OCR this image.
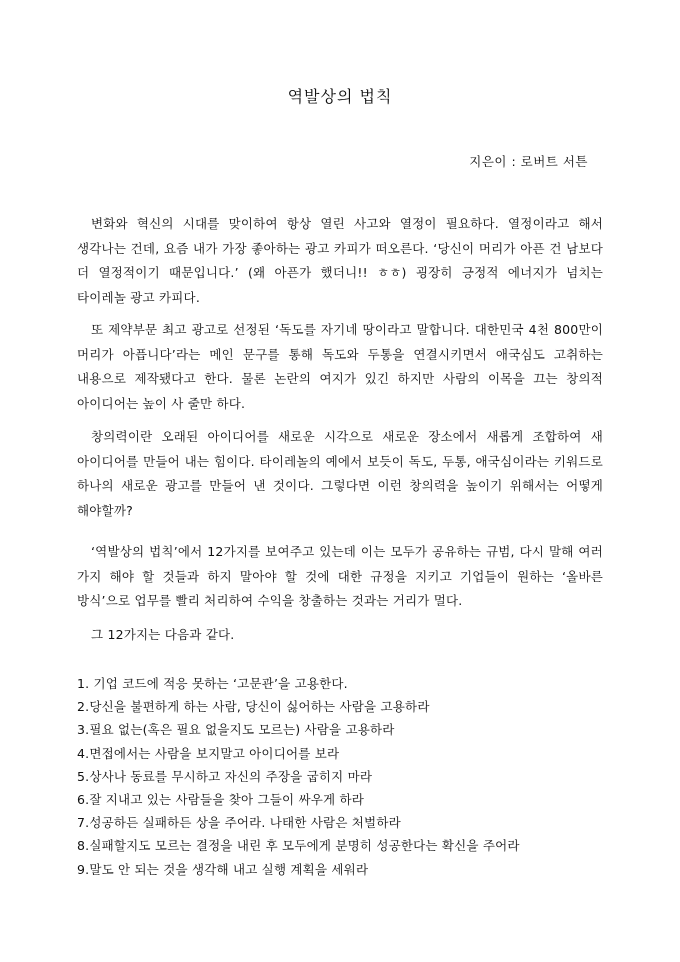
역발상의 법칙
지은이 : 로버트 서튼

변화와 혁신의 시대를 맞이하여 항상 열린 사고와 열정이 필요하다. 열정이라고 해서 생각나는 건데, 요즘 내가 가장 좋아하는 광고 카피가 떠오른다. ‘당신이 머리가 아픈 건 남보다 더 열정적이기 때문입니다.’ (왜 아픈가 했더니!! ㅎㅎ) 굉장히 긍정적 에너지가 넘치는 타이레놀 광고 카피다.

또 제약부문 최고 광고로 선정된 ‘독도를 자기네 땅이라고 말합니다. 대한민국 4천 800만이 머리가 아픕니다’라는 메인 문구를 통해 독도와 두통을 연결시키면서 애국심도 고취하는 내용으로 제작됐다고 한다. 물론 논란의 여지가 있긴 하지만 사람의 이목을 끄는 창의적 아이디어는 높이 사 줄만 하다.

창의력이란 오래된 아이디어를 새로운 시각으로 새로운 장소에서 새롭게 조합하여 새 아이디어를 만들어 내는 힘이다. 타이레놀의 예에서 보듯이 독도, 두통, 애국심이라는 키워드로 하나의 새로운 광고를 만들어 낸 것이다. 그렇다면 이런 창의력을 높이기 위해서는 어떻게 해야할까?

‘역발상의 법칙’에서 12가지를 보여주고 있는데 이는 모두가 공유하는 규범, 다시 말해 여러 가지 해야 할 것들과 하지 말아야 할 것에 대한 규정을 지키고 기업들이 원하는 ‘올바른 방식’으로 업무를 빨리 처리하여 수익을 창출하는 것과는 거리가 멀다.

그 12가지는 다음과 같다.

1. 기업 코드에 적응 못하는 ‘고문관’을 고용한다.
2.당신을 불편하게 하는 사람, 당신이 싫어하는 사람을 고용하라
3.필요 없는(혹은 필요 없을지도 모르는) 사람을 고용하라
4.면접에서는 사람을 보지말고 아이디어를 보라
5.상사나 동료를 무시하고 자신의 주장을 굽히지 마라
6.잘 지내고 있는 사람들을 찾아 그들이 싸우게 하라
7.성공하든 실패하든 상을 주어라. 나태한 사람은 처벌하라
8.실패할지도 모르는 결정을 내린 후 모두에게 분명히 성공한다는 확신을 주어라
9.말도 안 되는 것을 생각해 내고 실행 계획을 세워라
